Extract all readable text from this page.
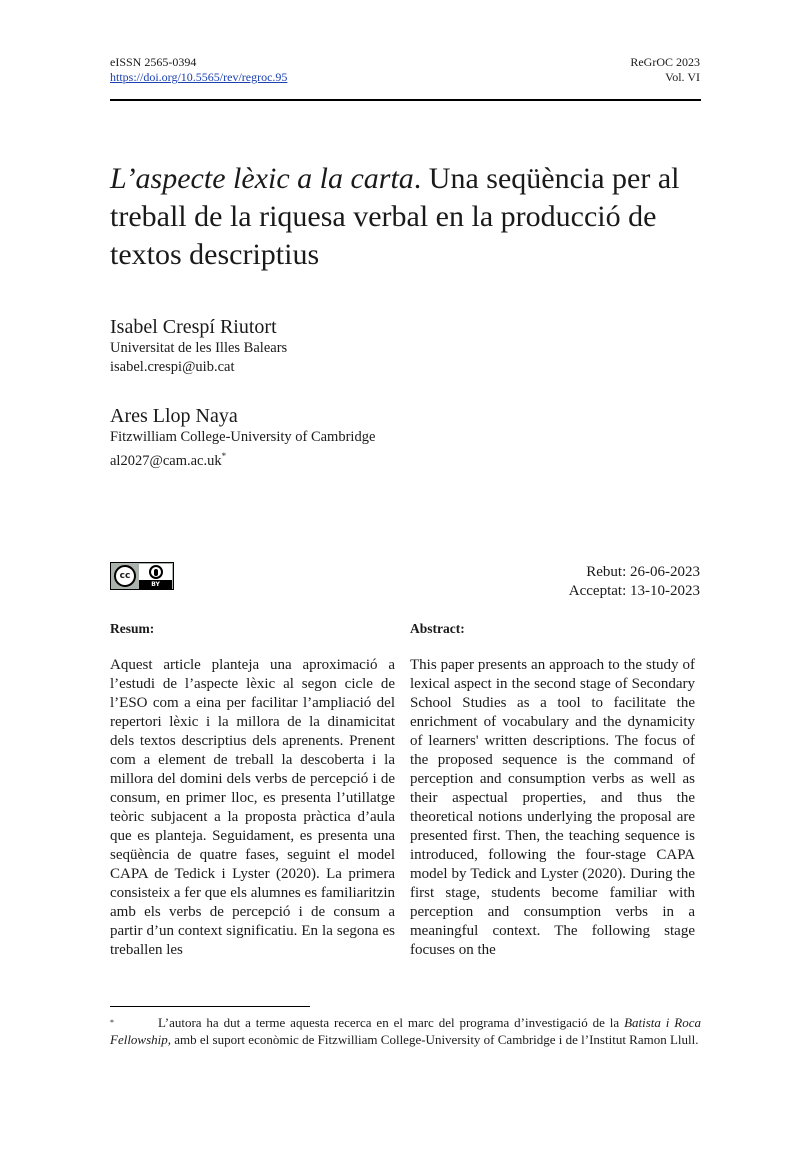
eISSN 2565-0394
https://doi.org/10.5565/rev/regroc.95
ReGrOC 2023
Vol. VI
L’aspecte lèxic a la carta. Una seqüència per al treball de la riquesa verbal en la producció de textos descriptius
Isabel Crespí Riutort
Universitat de les Illes Balears
isabel.crespi@uib.cat
Ares Llop Naya
Fitzwilliam College-University of Cambridge
al2027@cam.ac.uk*
cc
BY
Rebut: 26-06-2023
Acceptat: 13-10-2023
Resum:	Abstract:
Aquest article planteja una aproximació a l’estudi de l’aspecte lèxic al segon cicle de l’ESO com a eina per facilitar l’ampliació del repertori lèxic i la millora de la dinamicitat dels textos descriptius dels aprenents. Prenent com a element de treball la descoberta i la millora del domini dels verbs de percepció i de consum, en primer lloc, es presenta l’utillatge teòric subjacent a la proposta pràctica d’aula que es planteja. Seguidament, es presenta una seqüència de quatre fases, seguint el model CAPA de Tedick i Lyster (2020). La primera consisteix a fer que els alumnes es familiaritzin amb els verbs de percepció i de consum a partir d’un context significatiu. En la segona es treballen les
This paper presents an approach to the study of lexical aspect in the second stage of Secondary School Studies as a tool to facilitate the enrichment of vocabulary and the dynamicity of learners' written descriptions. The focus of the proposed sequence is the command of perception and consumption verbs as well as their aspectual properties, and thus the theoretical notions underlying the proposal are presented first. Then, the teaching sequence is introduced, following the four-stage CAPA model by Tedick and Lyster (2020). During the first stage, students become familiar with perception and consumption verbs in a meaningful context. The following stage focuses on the
*	L’autora ha dut a terme aquesta recerca en el marc del programa d’investigació de la Batista i Roca Fellowship, amb el suport econòmic de Fitzwilliam College-University of Cambridge i de l’Institut Ramon Llull.
